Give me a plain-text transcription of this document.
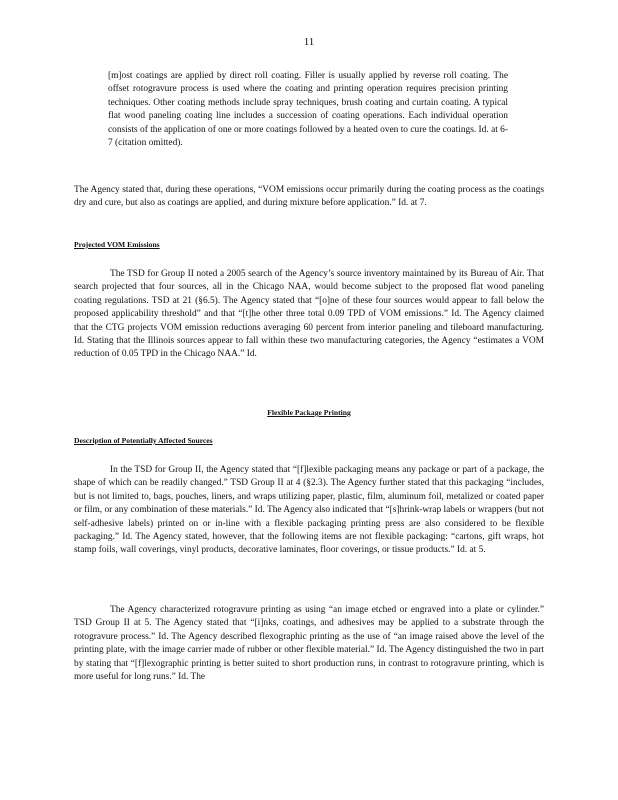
11
[m]ost coatings are applied by direct roll coating. Filler is usually applied by reverse roll coating. The offset rotogravure process is used where the coating and printing operation requires precision printing techniques. Other coating methods include spray techniques, brush coating and curtain coating. A typical flat wood paneling coating line includes a succession of coating operations. Each individual operation consists of the application of one or more coatings followed by a heated oven to cure the coatings. Id. at 6-7 (citation omitted).
The Agency stated that, during these operations, “VOM emissions occur primarily during the coating process as the coatings dry and cure, but also as coatings are applied, and during mixture before application.” Id. at 7.
Projected VOM Emissions
The TSD for Group II noted a 2005 search of the Agency’s source inventory maintained by its Bureau of Air. That search projected that four sources, all in the Chicago NAA, would become subject to the proposed flat wood paneling coating regulations. TSD at 21 (§6.5). The Agency stated that “[o]ne of these four sources would appear to fall below the proposed applicability threshold” and that “[t]he other three total 0.09 TPD of VOM emissions.” Id. The Agency claimed that the CTG projects VOM emission reductions averaging 60 percent from interior paneling and tileboard manufacturing. Id. Stating that the Illinois sources appear to fall within these two manufacturing categories, the Agency “estimates a VOM reduction of 0.05 TPD in the Chicago NAA.” Id.
Flexible Package Printing
Description of Potentially Affected Sources
In the TSD for Group II, the Agency stated that “[f]lexible packaging means any package or part of a package, the shape of which can be readily changed.” TSD Group II at 4 (§2.3). The Agency further stated that this packaging “includes, but is not limited to, bags, pouches, liners, and wraps utilizing paper, plastic, film, aluminum foil, metalized or coated paper or film, or any combination of these materials.” Id. The Agency also indicated that “[s]hrink-wrap labels or wrappers (but not self-adhesive labels) printed on or in-line with a flexible packaging printing press are also considered to be flexible packaging.” Id. The Agency stated, however, that the following items are not flexible packaging: “cartons, gift wraps, hot stamp foils, wall coverings, vinyl products, decorative laminates, floor coverings, or tissue products.” Id. at 5.
The Agency characterized rotogravure printing as using “an image etched or engraved into a plate or cylinder.” TSD Group II at 5. The Agency stated that “[i]nks, coatings, and adhesives may be applied to a substrate through the rotogravure process.” Id. The Agency described flexographic printing as the use of “an image raised above the level of the printing plate, with the image carrier made of rubber or other flexible material.” Id. The Agency distinguished the two in part by stating that “[f]lexographic printing is better suited to short production runs, in contrast to rotogravure printing, which is more useful for long runs.” Id. The
